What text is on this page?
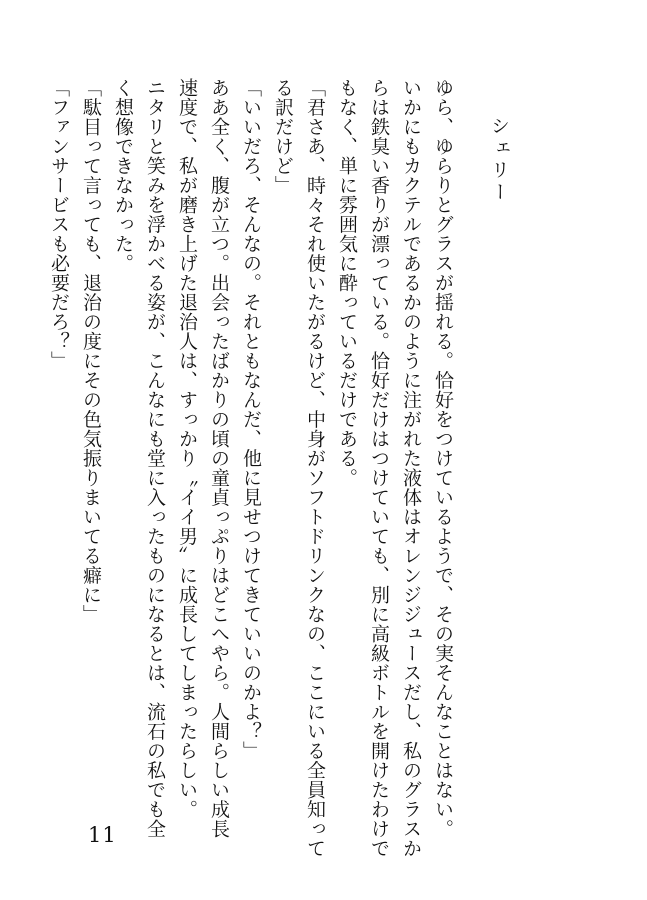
シェリー

ゆら、ゆらりとグラスが揺れる。恰好をつけているようで、その実そんなことはない。

いかにもカクテルであるかのように注がれた液体はオレンジジュースだし、私のグラスか

らは鉄臭い香りが漂っている。恰好だけはつけていても、別に高級ボトルを開けたわけで

もなく、単に雰囲気に酔っているだけである。

「君さあ、時々それ使いたがるけど、中身がソフトドリンクなの、ここにいる全員知って

る訳だけど」

「いいだろ、そんなの。それともなんだ、他に見せつけてきていいのかよ？」

ああ全く、腹が立つ。出会ったばかりの頃の童貞っぷりはどこへやら。人間らしい成長

速度で、私が磨き上げた退治人は、すっかり〝イイ男〟に成長してしまったらしい。

ニタリと笑みを浮かべる姿が、こんなにも堂に入ったものになるとは、流石の私でも全

く想像できなかった。

「駄目って言っても、退治の度にその色気振りまいてる癖に」

「ファンサービスも必要だろ？」

11
